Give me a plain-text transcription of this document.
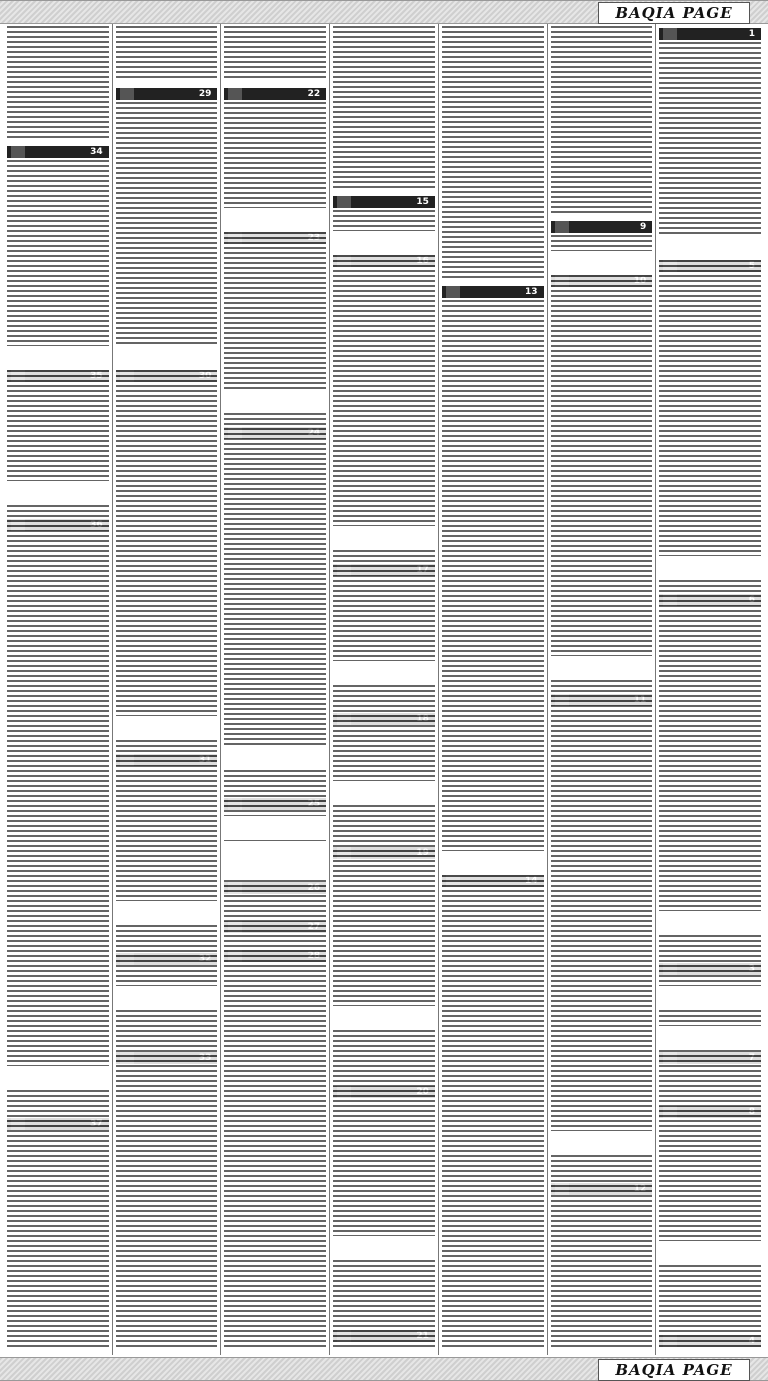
BAQIA PAGE
1
9
13
15
22
29
34
BAQIA PAGE
